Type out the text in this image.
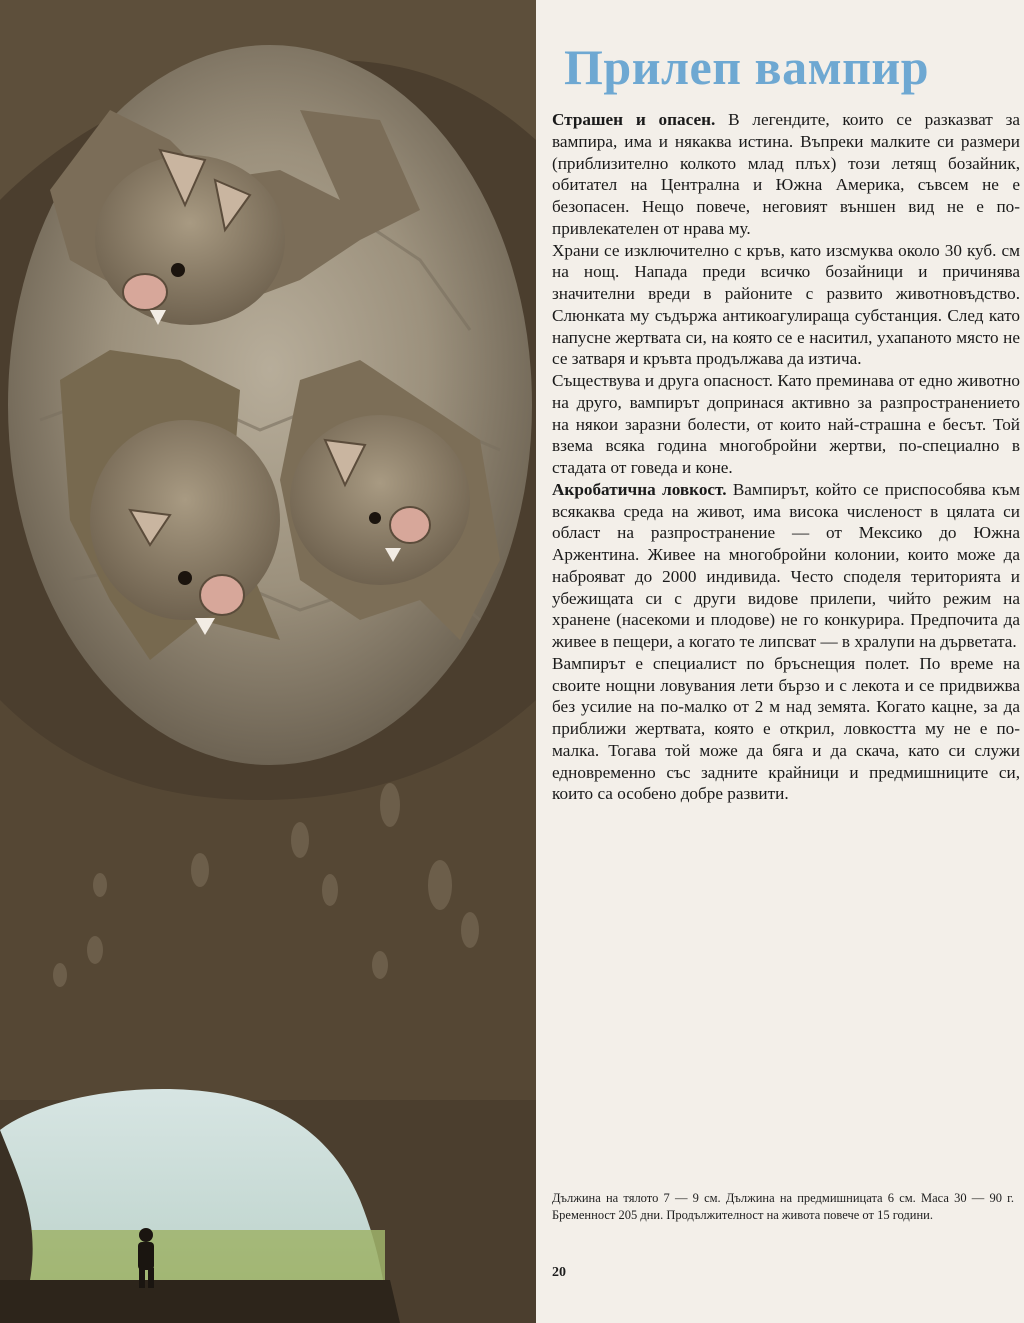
Прилеп вампир

Страшен и опасен. В легендите, които се разказват за вампира, има и някаква истина. Въпреки малките си размери (приблизително колкото млад плъх) този летящ бозайник, обитател на Централна и Южна Америка, съвсем не е безопасен. Нещо повече, неговият външен вид не е по-привлекателен от нрава му.

Храни се изключително с кръв, като изсмуква около 30 куб. см на нощ. Напада преди всичко бозайници и причинява значителни вреди в районите с развито животновъдство. Слюнката му съдържа антикоагулираща субстанция. След като напусне жертвата си, на която се е наситил, ухапаното място не се затваря и кръвта продължава да изтича.

Съществува и друга опасност. Като преминава от едно животно на друго, вампирът допринася активно за разпространението на някои заразни болести, от които най-страшна е бесът. Той взема всяка година многобройни жертви, по-специално в стадата от говеда и коне.

Акробатична ловкост. Вампирът, който се приспособява към всякаква среда на живот, има висока численост в цялата си област на разпространение — от Мексико до Южна Аржентина. Живее на многобройни колонии, които може да наброяват до 2000 индивида. Често споделя територията и убежищата си с други видове прилепи, чийто режим на хранене (насекоми и плодове) не го конкурира. Предпочита да живее в пещери, а когато те липсват — в хралупи на дърветата.

Вампирът е специалист по бръснещия полет. По време на своите нощни ловувания лети бързо и с лекота и се придвижва без усилие на по-малко от 2 м над земята. Когато кацне, за да приближи жертвата, която е открил, ловкостта му не е по-малка. Тогава той може да бяга и да скача, като си служи едновременно със задните крайници и предмишниците си, които са особено добре развити.

Дължина на тялото 7 — 9 см. Дължина на предмишницата 6 см. Маса 30 — 90 г. Бременност 205 дни. Продължителност на живота повече от 15 години.
20
